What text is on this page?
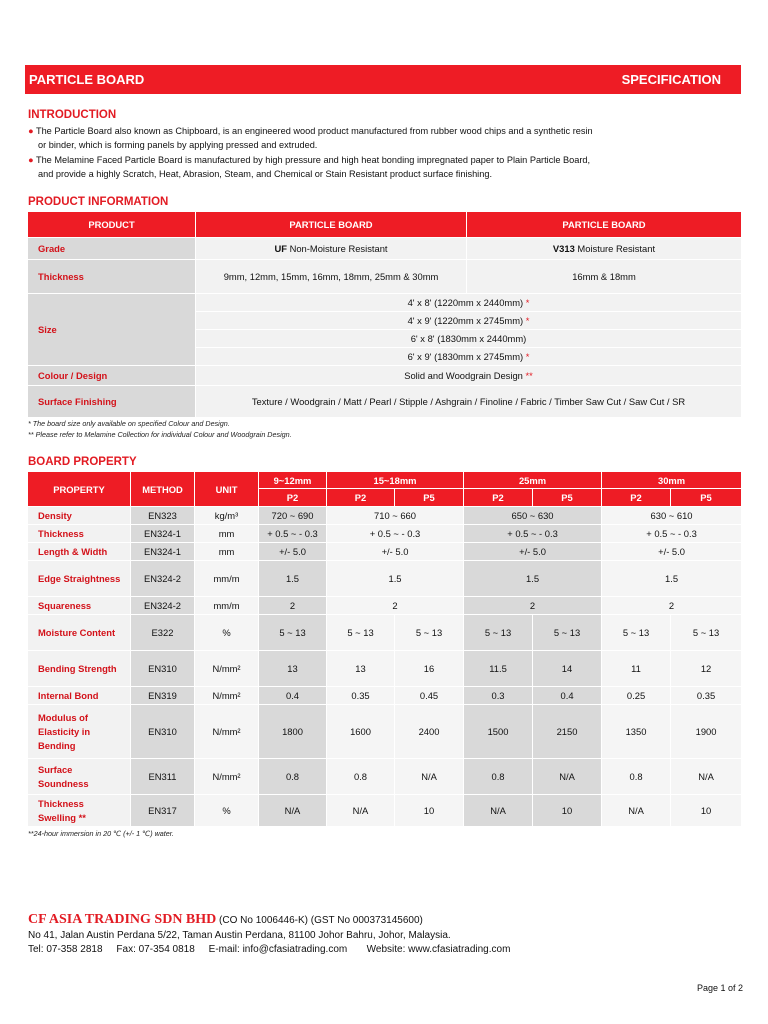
PARTICLE BOARD	SPECIFICATION
INTRODUCTION

● The Particle Board also known as Chipboard, is an engineered wood product manufactured from rubber wood chips and a synthetic resin
or binder, which is forming panels by applying pressed and extruded.

● The Melamine Faced Particle Board is manufactured by high pressure and high heat bonding impregnated paper to Plain Particle Board,
and provide a highly Scratch, Heat, Abrasion, Steam, and Chemical or Stain Resistant product surface finishing.

PRODUCT INFORMATION
PRODUCT	PARTICLE BOARD	PARTICLE BOARD
Grade	UF Non-Moisture Resistant	V313 Moisture Resistant
Thickness	9mm, 12mm, 15mm, 16mm, 18mm, 25mm & 30mm	16mm & 18mm
Size	4' x 8' (1220mm x 2440mm) *	
	4' x 9' (1220mm x 2745mm) *	
	6' x 8' (1830mm x 2440mm)	
	6' x 9' (1830mm x 2745mm) *	
Colour / Design	Solid and Woodgrain Design **	
Surface Finishing	Texture / Woodgrain / Matt / Pearl / Stipple / Ashgrain / Finoline / Fabric / Timber Saw Cut / Saw Cut / SR	
* The board size only available on specified Colour and Design.
** Please refer to Melamine Collection for individual Colour and Woodgrain Design.
BOARD PROPERTY
PROPERTY	METHOD	UNIT	9~12mm	15~18mm		25mm		30mm	
			P2	P2	P5	P2	P5	P2	P5
Density	EN323	kg/m³	720 ~ 690	710 ~ 660		650 ~ 630		630 ~ 610	
Thickness	EN324-1	mm	+ 0.5 ~ - 0.3	+ 0.5 ~ - 0.3		+ 0.5 ~ - 0.3		+ 0.5 ~ - 0.3	
Length & Width	EN324-1	mm	+/- 5.0	+/- 5.0		+/- 5.0		+/- 5.0	
Edge Straightness	EN324-2	mm/m	1.5	1.5		1.5		1.5	
Squareness	EN324-2	mm/m	2	2		2		2	
Moisture Content	E322	%	5 ~ 13	5 ~ 13	5 ~ 13	5 ~ 13	5 ~ 13	5 ~ 13	5 ~ 13
Bending Strength	EN310	N/mm²	13	13	16	11.5	14	11	12
Internal Bond	EN319	N/mm²	0.4	0.35	0.45	0.3	0.4	0.25	0.35
Modulus of
Elasticity in
Bending	EN310	N/mm²	1800	1600	2400	1500	2150	1350	1900
Surface
Soundness	EN311	N/mm²	0.8	0.8	N/A	0.8	N/A	0.8	N/A
Thickness
Swelling **	EN317	%	N/A	N/A	10	N/A	10	N/A	10
**24-hour immersion in 20 ℃ (+/- 1 ℃) water.
CF ASIA TRADING SDN BHD (CO No 1006446-K) (GST No 000373145600)
No 41, Jalan Austin Perdana 5/22, Taman Austin Perdana, 81100 Johor Bahru, Johor, Malaysia.
Tel: 07-358 2818     Fax: 07-354 0818     E-mail: info@cfasiatrading.com       Website: www.cfasiatrading.com
Page 1 of 2
